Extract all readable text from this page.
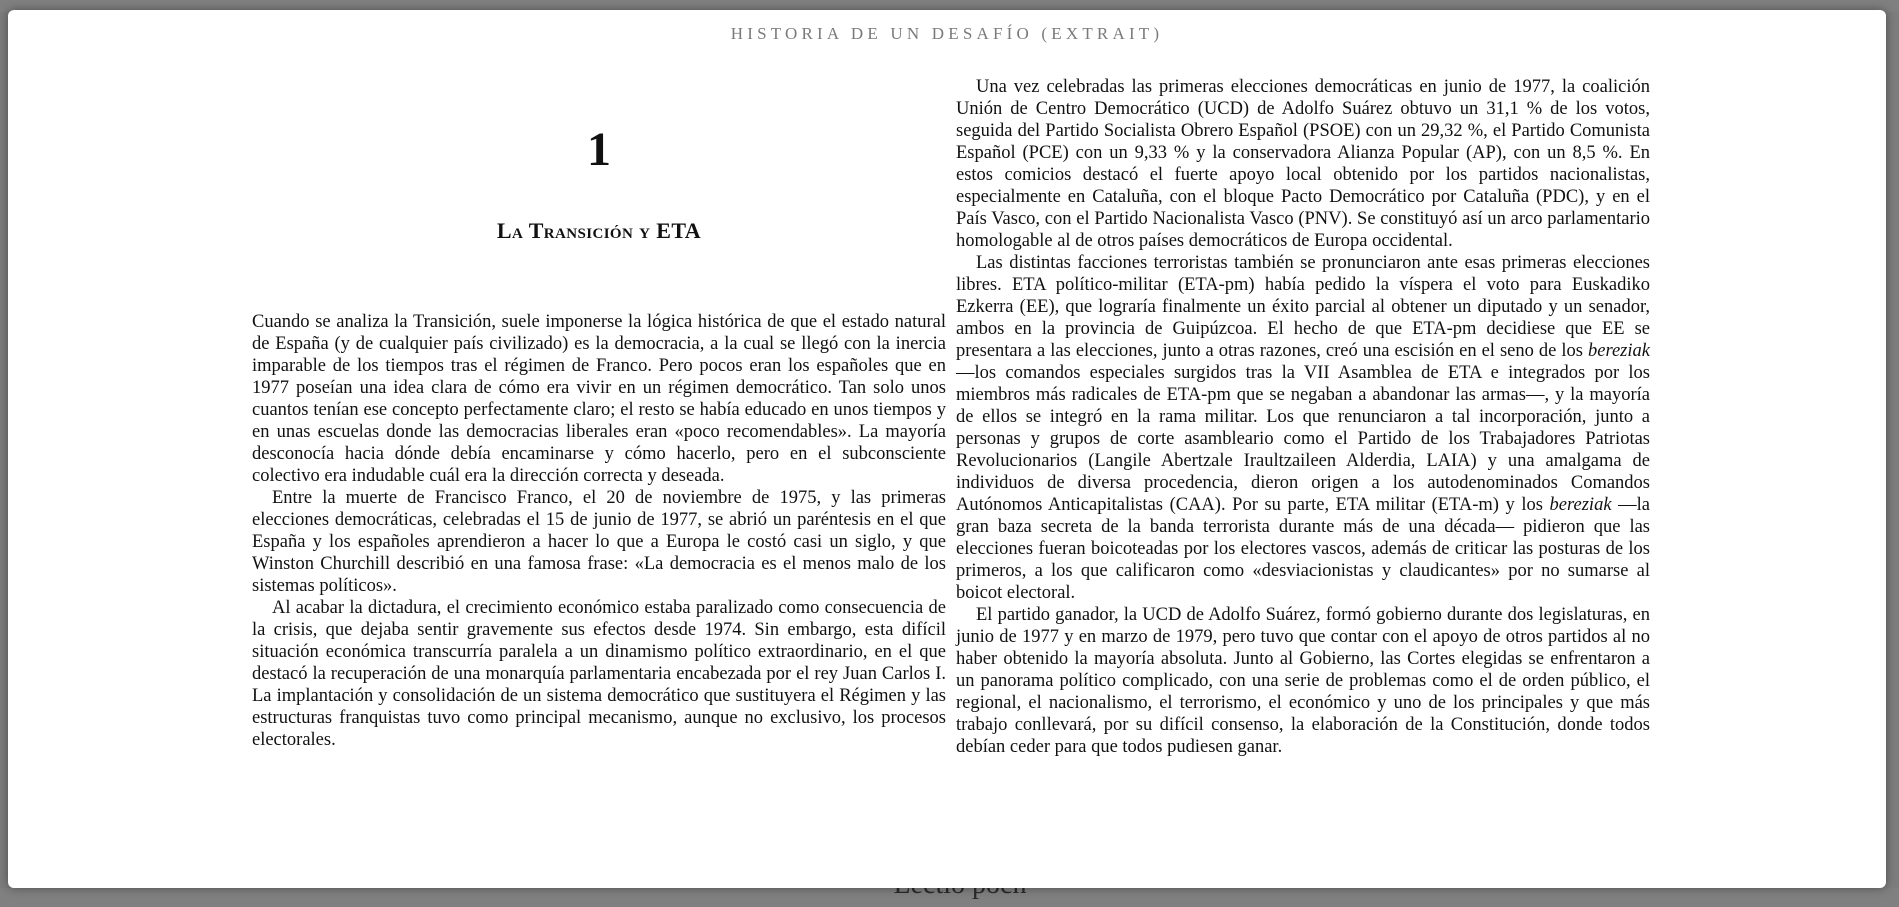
HISTORIA DE UN DESAFÍO (EXTRAIT)
1
La Transición y ETA

Cuando se analiza la Transición, suele imponerse la lógica histórica de que el estado natural de España (y de cualquier país civilizado) es la democracia, a la cual se llegó con la inercia imparable de los tiempos tras el régimen de Franco. Pero pocos eran los españoles que en 1977 poseían una idea clara de cómo era vivir en un régimen democrático. Tan solo unos cuantos tenían ese concepto perfectamente claro; el resto se había educado en unos tiempos y en unas escuelas donde las democracias liberales eran «poco recomendables». La mayoría desconocía hacia dónde debía encaminarse y cómo hacerlo, pero en el subconsciente colectivo era indudable cuál era la dirección correcta y deseada.

Entre la muerte de Francisco Franco, el 20 de noviembre de 1975, y las primeras elecciones democráticas, celebradas el 15 de junio de 1977, se abrió un paréntesis en el que España y los españoles aprendieron a hacer lo que a Europa le costó casi un siglo, y que Winston Churchill describió en una famosa frase: «La democracia es el menos malo de los sistemas políticos».

Al acabar la dictadura, el crecimiento económico estaba paralizado como consecuencia de la crisis, que dejaba sentir gravemente sus efectos desde 1974. Sin embargo, esta difícil situación económica transcurría paralela a un dinamismo político extraordinario, en el que destacó la recuperación de una monarquía parlamentaria encabezada por el rey Juan Carlos I. La implantación y consolidación de un sistema democrático que sustituyera el Régimen y las estructuras franquistas tuvo como principal mecanismo, aunque no exclusivo, los procesos electorales.

Una vez celebradas las primeras elecciones democráticas en junio de 1977, la coalición Unión de Centro Democrático (UCD) de Adolfo Suárez obtuvo un 31,1 % de los votos, seguida del Partido Socialista Obrero Español (PSOE) con un 29,32 %, el Partido Comunista Español (PCE) con un 9,33 % y la conservadora Alianza Popular (AP), con un 8,5 %. En estos comicios destacó el fuerte apoyo local obtenido por los partidos nacionalistas, especialmente en Cataluña, con el bloque Pacto Democrático por Cataluña (PDC), y en el País Vasco, con el Partido Nacionalista Vasco (PNV). Se constituyó así un arco parlamentario homologable al de otros países democráticos de Europa occidental.

Las distintas facciones terroristas también se pronunciaron ante esas primeras elecciones libres. ETA político-militar (ETA-pm) había pedido la víspera el voto para Euskadiko Ezkerra (EE), que lograría finalmente un éxito parcial al obtener un diputado y un senador, ambos en la provincia de Guipúzcoa. El hecho de que ETA-pm decidiese que EE se presentara a las elecciones, junto a otras razones, creó una escisión en el seno de los bereziak —los comandos especiales surgidos tras la VII Asamblea de ETA e integrados por los miembros más radicales de ETA-pm que se negaban a abandonar las armas—, y la mayoría de ellos se integró en la rama militar. Los que renunciaron a tal incorporación, junto a personas y grupos de corte asambleario como el Partido de los Trabajadores Patriotas Revolucionarios (Langile Abertzale Iraultzaileen Alderdia, LAIA) y una amalgama de individuos de diversa procedencia, dieron origen a los autodenominados Comandos Autónomos Anticapitalistas (CAA). Por su parte, ETA militar (ETA-m) y los bereziak —la gran baza secreta de la banda terrorista durante más de una década— pidieron que las elecciones fueran boicoteadas por los electores vascos, además de criticar las posturas de los primeros, a los que calificaron como «desviacionistas y claudicantes» por no sumarse al boicot electoral.

El partido ganador, la UCD de Adolfo Suárez, formó gobierno durante dos legislaturas, en junio de 1977 y en marzo de 1979, pero tuvo que contar con el apoyo de otros partidos al no haber obtenido la mayoría absoluta. Junto al Gobierno, las Cortes elegidas se enfrentaron a un panorama político complicado, con una serie de problemas como el de orden público, el regional, el nacionalismo, el terrorismo, el económico y uno de los principales y que más trabajo conllevará, por su difícil consenso, la elaboración de la Constitución, donde todos debían ceder para que todos pudiesen ganar.
